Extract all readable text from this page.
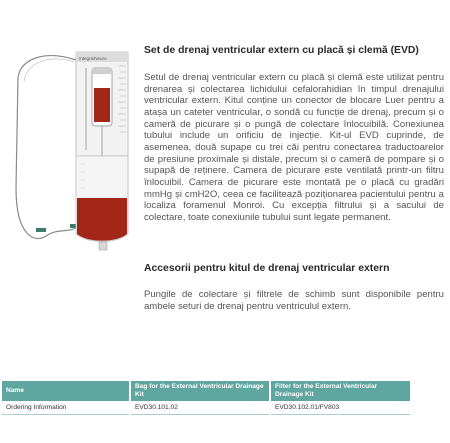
Integra/Neuro
Set de drenaj ventricular extern cu placă și clemă (EVD)

Setul de drenaj ventricular extern cu placă și clemă este utilizat pentru drenarea și colectarea lichidului cefalorahidian în timpul drenajului ventricular extern. Kitul conține un conector de blocare Luer pentru a atașa un cateter ventricular, o sondă cu funcție de drenaj, precum și o cameră de picurare și o pungă de colectare înlocuibilă. Conexiunea tubului include un orificiu de injecție. Kit-ul EVD cuprinde, de asemenea, două supape cu trei căi pentru conectarea traductoarelor de presiune proximale și distale, precum și o cameră de pompare și o supapă de reținere. Camera de picurare este ventilată printr-un filtru înlocuibil. Camera de picurare este montată pe o placă cu gradări mmHg și cmH2O, ceea ce facilitează poziționarea pacientului pentru a localiza foramenul Monroi. Cu excepția filtrului și a sacului de colectare, toate conexiunile tubului sunt legate permanent.

Accesorii pentru kitul de drenaj ventricular extern

Pungile de colectare și filtrele de schimb sunt disponibile pentru ambele seturi de drenaj pentru ventriculul extern.

Name	Bag for the External Ventricular Drainage Kit	Filter for the External Ventricular Drainage Kit
Ordering Information	EVD30.101.02	EVD30.102.01/FV803
